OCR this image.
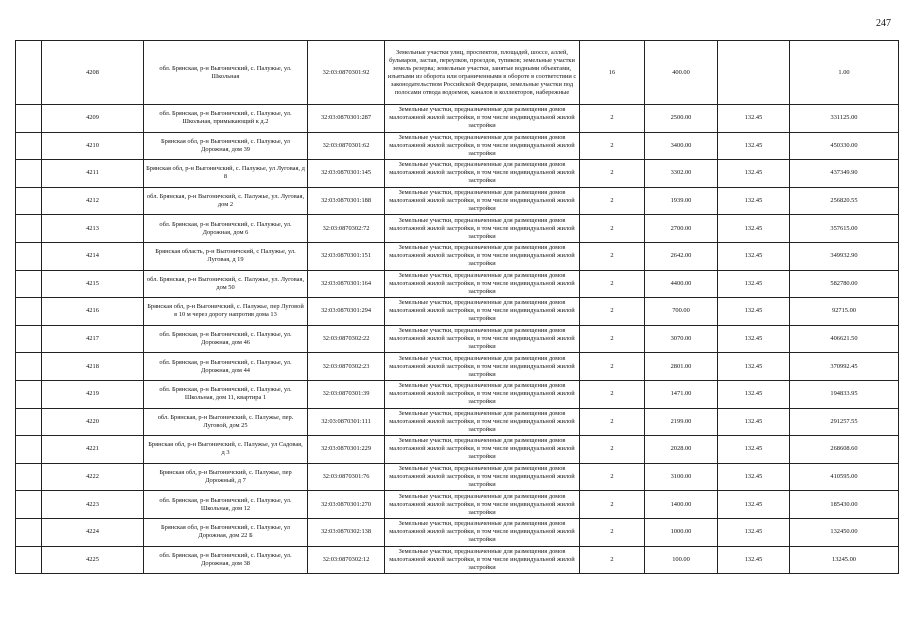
247
	4208	обл. Брянская, р-н Выгоничский, с. Палужье, ул. Школьная	32:03:0870301:92	Земельные участки улиц, проспектов, площадей, шоссе, аллей, бульваров, застав, переулков, проездов, тупиков; земельные участки земель резерва; земельные участки, занятые водными объектами, изъятыми из оборота или ограниченными в обороте в соответствии с законодательством Российской Федерации, земельные участки под полосами отвода водоемов, каналов и коллекторов, набережные	16	400.00		1.00
	4209	обл. Брянская, р-н Выгоничский, с. Палужье, ул. Школьная, примыкающий к д.2	32:03:0870301:287	Земельные участки, предназначенные для размещения домов малоэтажной жилой застройки, в том числе индивидуальной жилой застройки	2	2500.00	132.45	331125.00
	4210	Брянская обл, р-н Выгоничский, с. Палужье, ул Дорожная, дом 39	32:03:0870301:62	Земельные участки, предназначенные для размещения домов малоэтажной жилой застройки, в том числе индивидуальной жилой застройки	2	3400.00	132.45	450330.00
	4211	Брянская обл, р-н Выгоничский, с. Палужье, ул Луговая, д 8	32:03:0870301:145	Земельные участки, предназначенные для размещения домов малоэтажной жилой застройки, в том числе индивидуальной жилой застройки	2	3302.00	132.45	437349.90
	4212	обл. Брянская, р-н Выгоничский, с. Палужье, ул. Луговая, дом 2	32:03:0870301:188	Земельные участки, предназначенные для размещения домов малоэтажной жилой застройки, в том числе индивидуальной жилой застройки	2	1939.00	132.45	256820.55
	4213	обл. Брянская, р-н Выгоничский, с. Палужье, ул. Дорожная, дом 6	32:03:0870302:72	Земельные участки, предназначенные для размещения домов малоэтажной жилой застройки, в том числе индивидуальной жилой застройки	2	2700.00	132.45	357615.00
	4214	Брянская область, р-н Выгоничский, с Палужье, ул. Луговая, д 19	32:03:0870301:151	Земельные участки, предназначенные для размещения домов малоэтажной жилой застройки, в том числе индивидуальной жилой застройки	2	2642.00	132.45	349932.90
	4215	обл. Брянская, р-н Выгоничский, с. Палужье, ул. Луговая, дом 50	32:03:0870301:164	Земельные участки, предназначенные для размещения домов малоэтажной жилой застройки, в том числе индивидуальной жилой застройки	2	4400.00	132.45	582780.00
	4216	Брянская обл, р-н Выгоничский, с. Палужье, пер Луговой в 10 м через дорогу напротив дома 13	32:03:0870301:294	Земельные участки, предназначенные для размещения домов малоэтажной жилой застройки, в том числе индивидуальной жилой застройки	2	700.00	132.45	92715.00
	4217	обл. Брянская, р-н Выгоничский, с. Палужье, ул. Дорожная, дом 46	32:03:0870302:22	Земельные участки, предназначенные для размещения домов малоэтажной жилой застройки, в том числе индивидуальной жилой застройки	2	3070.00	132.45	406621.50
	4218	обл. Брянская, р-н Выгоничский, с. Палужье, ул. Дорожная, дом 44	32:03:0870302:23	Земельные участки, предназначенные для размещения домов малоэтажной жилой застройки, в том числе индивидуальной жилой застройки	2	2801.00	132.45	370992.45
	4219	обл. Брянская, р-н Выгоничский, с. Палужье, ул. Школьная, дом 11, квартира 1	32:03:0870301:39	Земельные участки, предназначенные для размещения домов малоэтажной жилой застройки, в том числе индивидуальной жилой застройки	2	1471.00	132.45	194833.95
	4220	обл. Брянская, р-н Выгоничский, с. Палужье, пер. Луговой, дом 25	32:03:0870301:111	Земельные участки, предназначенные для размещения домов малоэтажной жилой застройки, в том числе индивидуальной жилой застройки	2	2199.00	132.45	291257.55
	4221	Брянская обл, р-н Выгоничский, с. Палужье, ул Садовая, д 3	32:03:0870301:229	Земельные участки, предназначенные для размещения домов малоэтажной жилой застройки, в том числе индивидуальной жилой застройки	2	2028.00	132.45	268608.60
	4222	Брянская обл, р-н Выгоничский, с. Палужье, пер Дорожный, д 7	32:03:0870301:76	Земельные участки, предназначенные для размещения домов малоэтажной жилой застройки, в том числе индивидуальной жилой застройки	2	3100.00	132.45	410595.00
	4223	обл. Брянская, р-н Выгоничский, с. Палужье, ул. Школьная, дом 12	32:03:0870301:270	Земельные участки, предназначенные для размещения домов малоэтажной жилой застройки, в том числе индивидуальной жилой застройки	2	1400.00	132.45	185430.00
	4224	Брянская обл, р-н Выгоничский, с. Палужье, ул Дорожная, дом 22 Б	32:03:0870302:138	Земельные участки, предназначенные для размещения домов малоэтажной жилой застройки, в том числе индивидуальной жилой застройки	2	1000.00	132.45	132450.00
	4225	обл. Брянская, р-н Выгоничский, с. Палужье, ул. Дорожная, дом 38	32:03:0870302:12	Земельные участки, предназначенные для размещения домов малоэтажной жилой застройки, в том числе индивидуальной жилой застройки	2	100.00	132.45	13245.00
